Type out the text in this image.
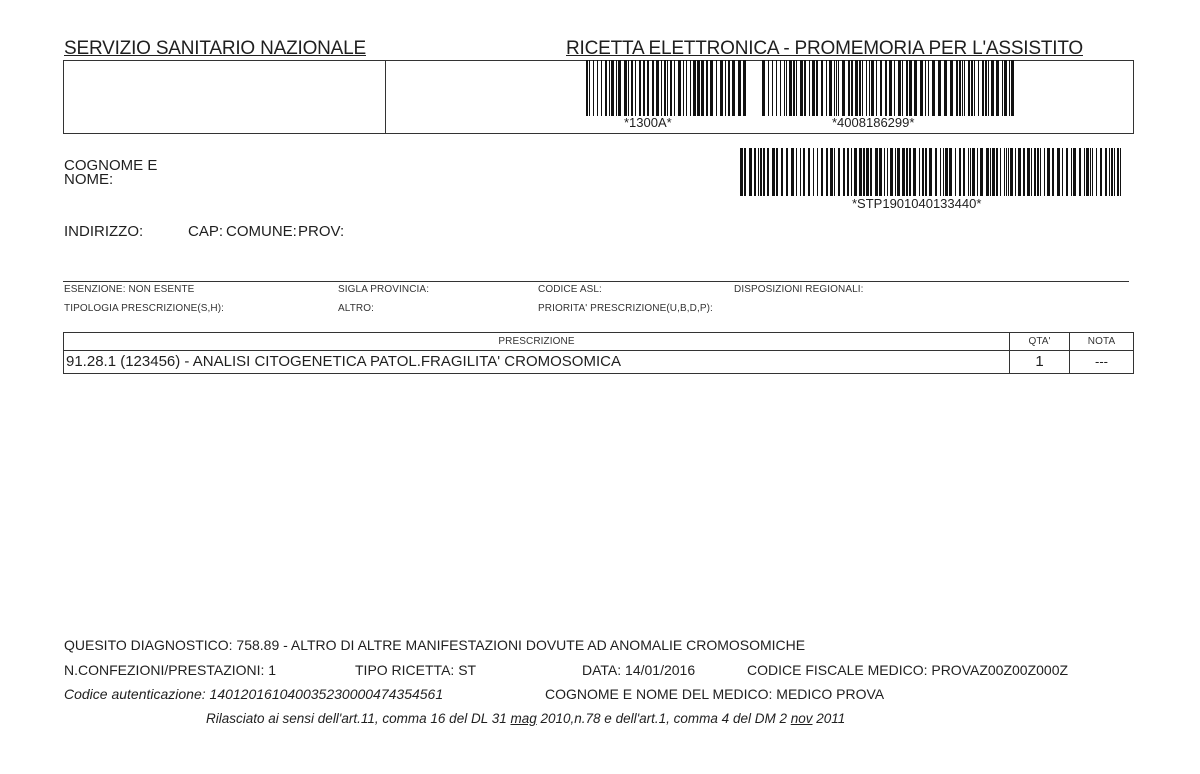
SERVIZIO SANITARIO NAZIONALE	RICETTA ELETTRONICA - PROMEMORIA PER L'ASSISTITO
*1300A*	*4008186299*
COGNOME E
NOME:
*STP1901040133440*
INDIRIZZO:	CAP: COMUNE: PROV:
ESENZIONE: NON ESENTE	SIGLA PROVINCIA:	CODICE ASL:	DISPOSIZIONI REGIONALI:
TIPOLOGIA PRESCRIZIONE(S,H):	ALTRO:	PRIORITA' PRESCRIZIONE(U,B,D,P):
PRESCRIZIONE	QTA'	NOTA
91.28.1 (123456) - ANALISI CITOGENETICA PATOL.FRAGILITA' CROMOSOMICA	1	---
QUESITO DIAGNOSTICO: 758.89 - ALTRO DI ALTRE MANIFESTAZIONI DOVUTE AD ANOMALIE CROMOSOMICHE
N.CONFEZIONI/PRESTAZIONI: 1	TIPO RICETTA: ST	DATA: 14/01/2016	CODICE FISCALE MEDICO: PROVAZ00Z00Z000Z
Codice autenticazione: 1401201610400352300004743545​61	COGNOME E NOME DEL MEDICO: MEDICO PROVA
Rilasciato ai sensi dell'art.11, comma 16 del DL 31 mag 2010,n.78 e dell'art.1, comma 4 del DM 2 nov 2011
